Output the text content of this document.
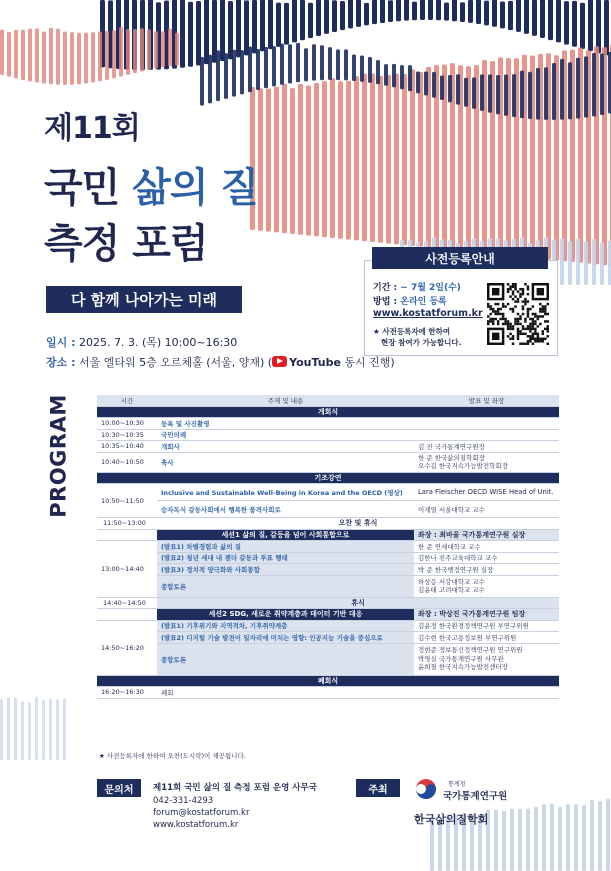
제11회
국민 삶의 질
측정 포럼
다 함께 나아가는 미래
일시 : 2025. 7. 3. (목) 10:00~16:30
장소 : 서울 엘타워 5층 오르체홀 (서울, 양재) ( YouTube 동시 진행)
사전등록안내
기간 : ~ 7월 2일(수)
방법 : 온라인 등록
www.kostatforum.kr
★ 사전등록자에 한하여
현장 참여가 가능합니다.
PROGRAM	시간	주제 및 내용	발표 및 좌장
개회식		
10:00~10:30	등록 및 사진촬영	
10:30~10:35	국민의례	
10:35~10:40	개회사	김 진 국가통계연구원장
10:40~10:50	축사	한 준 한국삶의질학회장
오수길 한국지속가능발전학회장

기조강연		
10:50~11:50	Inclusive and Sustainable Well-Being in Korea and the OECD (영상)	Lara Fleischer OECD WISE Head of Unit.
	승자독식 갈등사회에서 행복한 품격사회로	이재열 서울대학교 교수
11:50~13:00	오찬 및 휴식	
	세션1 삶의 질, 갈등을 넘어 사회통합으로	좌장 : 최바울 국가통계연구원 실장
13:00~14:40	(발표1) 차별경험과 삶의 질	한 준 연세대학교 교수
	(발표2) 청년 세대 내 젠더 갈등과 투표 행태	김한나 진주교육대학교 교수
	(발표3) 정치적 양극화와 사회통합	박 준 한국행정연구원 실장
	종합토론	하상응 서강대학교 교수
김윤태 고려대학교 교수

14:40~14:50	휴식	
	세션2 SDG, 새로운 취약계층과 데이터 기반 대응	좌장 : 박상진 국가통계연구원 팀장
14:50~16:20	(발표1) 기후위기와 지역격차, 기후취약계층	김윤정 한국환경정책연구원 부연구위원
	(발표2) 디지털 기술 발전이 일자리에 미치는 영향: 인공지능 기술을 중심으로	김수현 한국고용정보원 부연구위원
	종합토론	정현준 정보통신정책연구원 연구위원
박영실 국가통계연구원 사무관
윤희철 한국지속가능발전센터장

폐회식		
16:20~16:30	폐회	
★ 사전등록자에 한하여 오찬(도시락)이 제공됩니다.
문의처	제11회 국민 삶의 질 측정 포럼 운영 사무국
042-331-4293
forum@kostatforum.kr
www.kostatforum.kr
주최	통계청
국가통계연구원
한국삶의질학회
